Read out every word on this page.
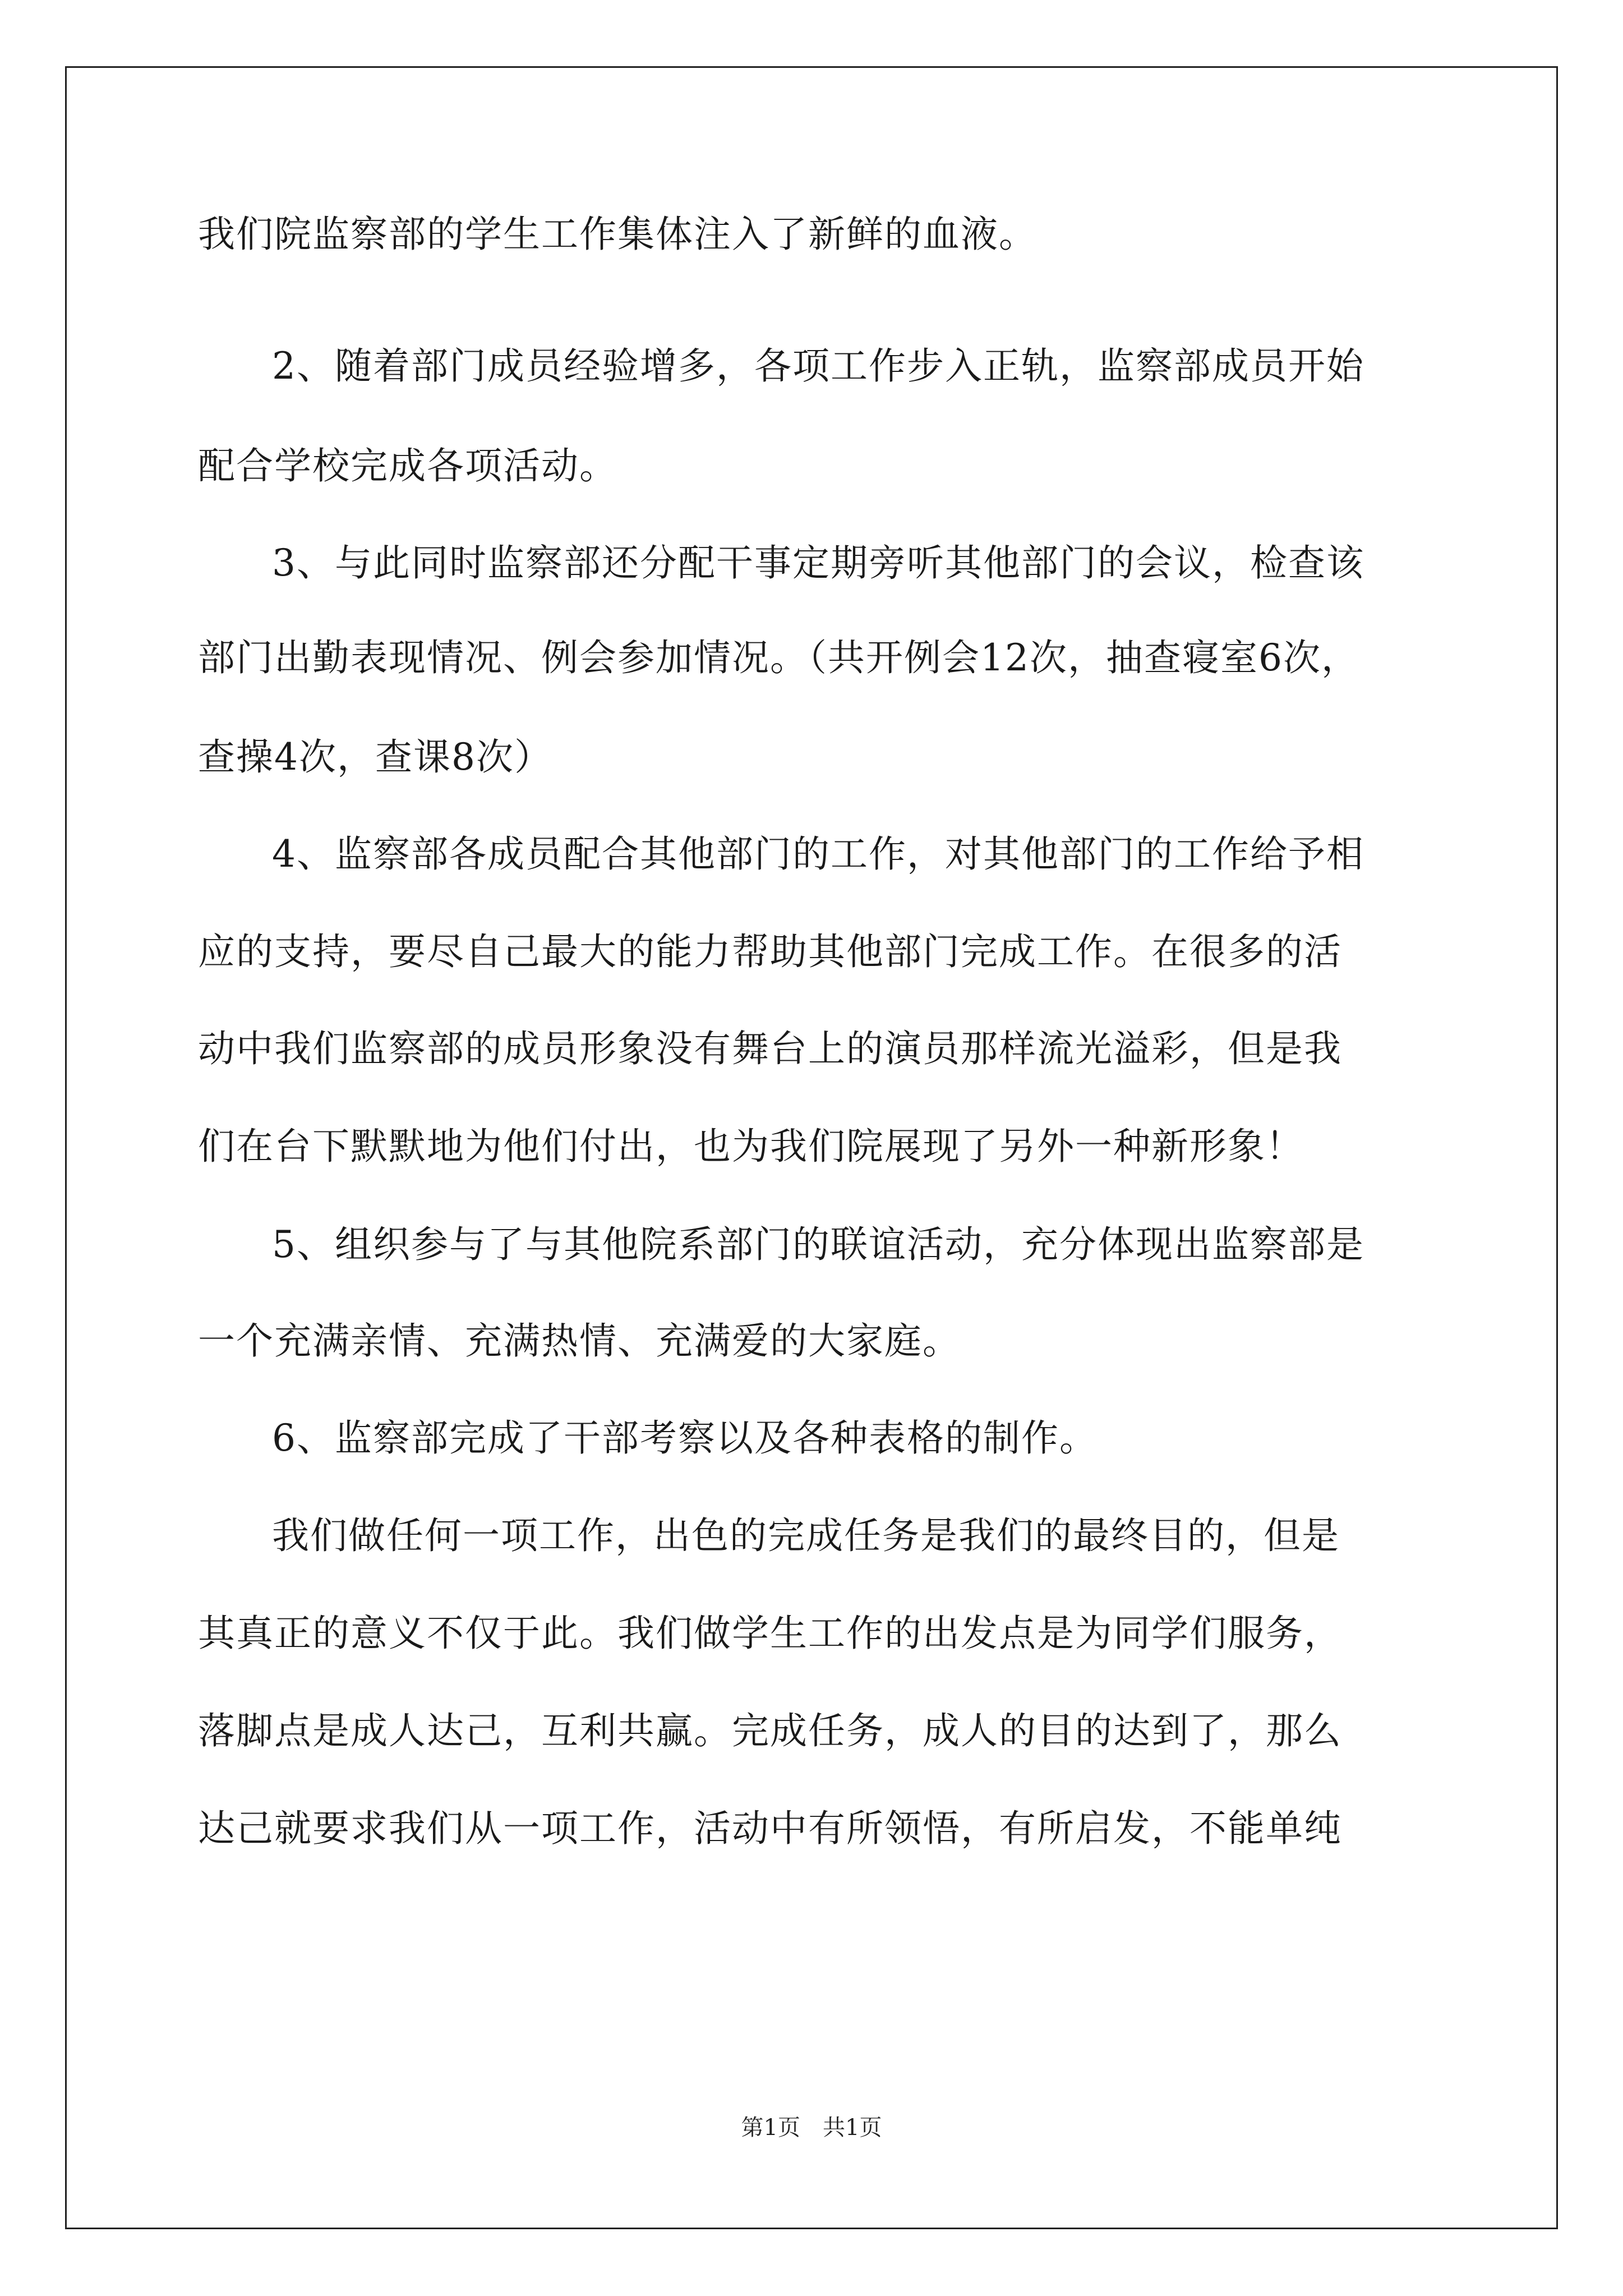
我们院监察部的学生工作集体注入了新鲜的血液。
2、随着部门成员经验增多，各项工作步入正轨，监察部成员开始
配合学校完成各项活动。
3、与此同时监察部还分配干事定期旁听其他部门的会议，检查该
部门出勤表现情况、例会参加情况。（共开例会12次，抽查寝室6次，
查操4次，查课8次）
4、监察部各成员配合其他部门的工作，对其他部门的工作给予相
应的支持，要尽自己最大的能力帮助其他部门完成工作。在很多的活
动中我们监察部的成员形象没有舞台上的演员那样流光溢彩，但是我
们在台下默默地为他们付出，也为我们院展现了另外一种新形象！
5、组织参与了与其他院系部门的联谊活动，充分体现出监察部是
一个充满亲情、充满热情、充满爱的大家庭。
6、监察部完成了干部考察以及各种表格的制作。
我们做任何一项工作，出色的完成任务是我们的最终目的，但是
其真正的意义不仅于此。我们做学生工作的出发点是为同学们服务，
落脚点是成人达己，互利共赢。完成任务，成人的目的达到了，那么
达己就要求我们从一项工作，活动中有所领悟，有所启发，不能单纯
第1页　共1页
